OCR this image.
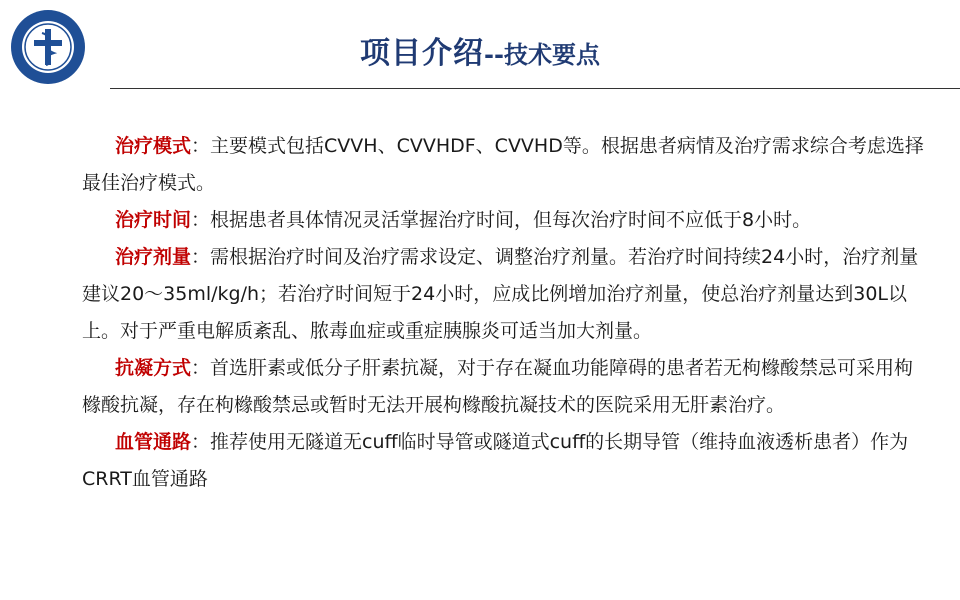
项目介绍--技术要点

治疗模式：主要模式包括CVVH、CVVHDF、CVVHD等。根据患者病情及治疗需求综合考虑选择最佳治疗模式。

治疗时间：根据患者具体情况灵活掌握治疗时间，但每次治疗时间不应低于8小时。

治疗剂量：需根据治疗时间及治疗需求设定、调整治疗剂量。若治疗时间持续24小时，治疗剂量建议20～35ml/kg/h；若治疗时间短于24小时，应成比例增加治疗剂量，使总治疗剂量达到30L以上。对于严重电解质紊乱、脓毒血症或重症胰腺炎可适当加大剂量。

抗凝方式：首选肝素或低分子肝素抗凝，对于存在凝血功能障碍的患者若无枸橼酸禁忌可采用枸橼酸抗凝，存在枸橼酸禁忌或暂时无法开展枸橼酸抗凝技术的医院采用无肝素治疗。

血管通路：推荐使用无隧道无cuff临时导管或隧道式cuff的长期导管（维持血液透析患者）作为CRRT血管通路
